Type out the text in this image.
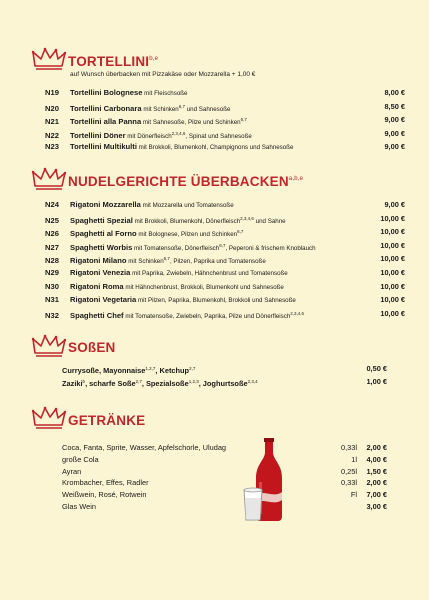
TORTELLINI$^{b,e}$
auf Wunsch überbacken mit Pizzakäse oder Mozzarella + 1,00 €
N19 Tortellini Bolognese mit Fleischsoße	8,00 €
N20 Tortellini Carbonara mit Schinken$^{6,7}$ und Sahnesoße	8,50 €
N21 Tortellini alla Panna mit Sahnesoße, Pilze und Schinken$^{6,7}$	9,00 €
N22 Tortellini Döner mit Dönerfleisch$^{2,3,4,6}$, Spinat und Sahnesoße	9,00 €
N23 Tortellini Multikulti mit Brokkoli, Blumenkohl, Champignons und Sahnesoße	9,00 €
NUDELGERICHTE ÜBERBACKEN$^{a,b,e}$
N24 Rigatoni Mozzarella mit Mozzarella und Tomatensoße	9,00 €
N25 Spaghetti Spezial mit Brokkoli, Blumenkohl, Dönerfleisch$^{2,3,4,6}$ und Sahne	10,00 €
N26 Spaghetti al Forno mit Bolognese, Pilzen und Schinken$^{6,7}$	10,00 €
N27 Spaghetti Worbis mit Tomatensoße, Dönerfleisch$^{6,7}$, Peperoni & frischem Knoblauch	10,00 €
N28 Rigatoni Milano mit Schinken$^{6,7}$, Pilzen, Paprika und Tomatensoße	10,00 €
N29 Rigatoni Venezia mit Paprika, Zwiebeln, Hähnchenbrust und Tomatensoße	10,00 €
N30 Rigatoni Roma mit Hähnchenbrust, Brokkoli, Blumenkohl und Sahnesoße	10,00 €
N31 Rigatoni Vegetaria mit Pilzen, Paprika, Blumenkohl, Brokkoli und Sahnesoße	10,00 €
N32 Spaghetti Chef mit Tomatensoße, Zwiebeln, Paprika, Pilze und Dönerfleisch$^{2,3,4,6}$	10,00 €
SOßEN
Currysoße, Mayonnaise$^{1,2,7}$, Ketchup$^{2,7}$	0,50 €
Zaziki$^b$, scharfe Soße$^{2,7}$, Spezialsoße$^{1,2,3}$, Joghurtsoße$^{2,3,4}$	1,00 €
GETRÄNKE
Coca, Fanta, Sprite, Wasser, Apfelschorle, Uludag	0,33l 2,00 €
große Cola	1l 4,00 €
Ayran	0,25l 1,50 €
Krombacher, Effes, Radler	0,33l 2,00 €
Weißwein, Rosé, Rotwein	Fl 7,00 €
Glas Wein	3,00 €
